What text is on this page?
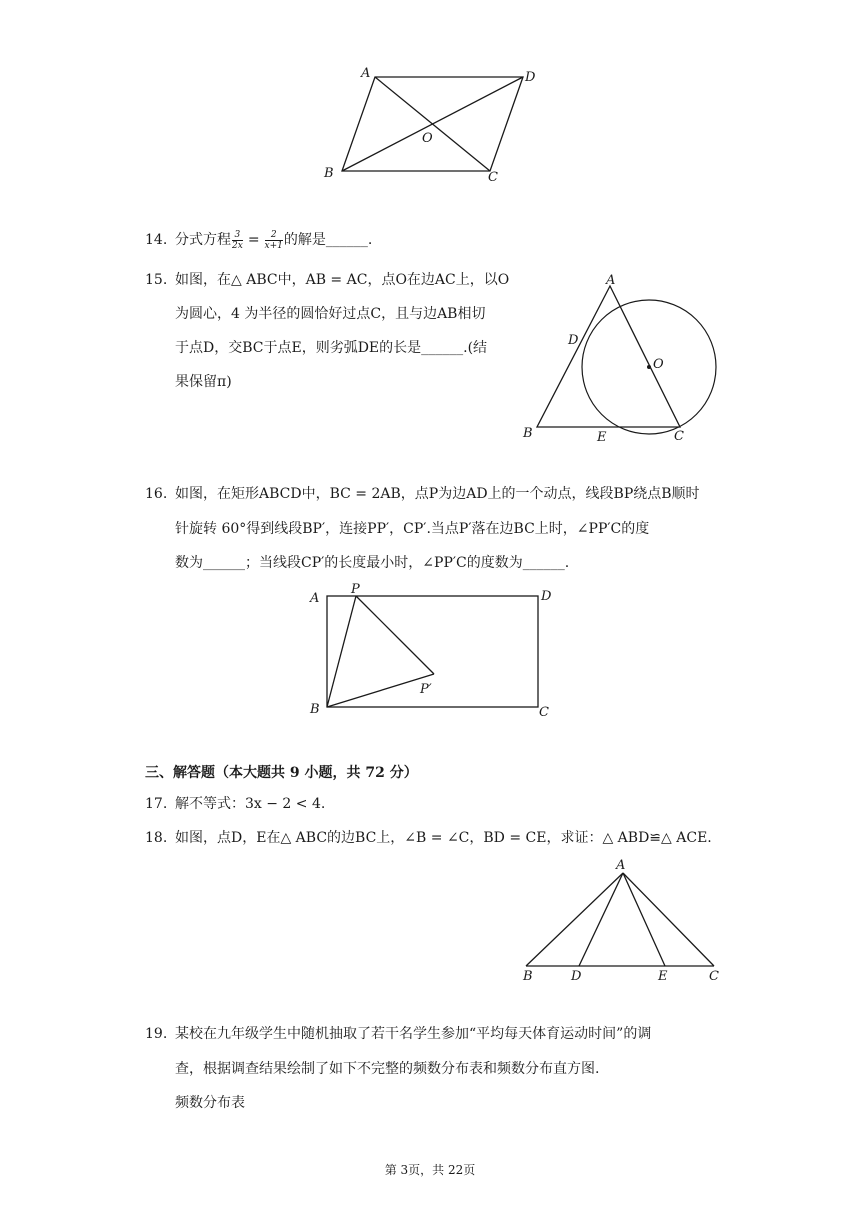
A	D
O
B	C
14. 分式方程 $\frac{3}{2x} = \frac{2}{x+1}$ 的解是______.
15. 如图，在△ ABC中，AB = AC，点O在边AC上，以O
为圆心，4 为半径的圆恰好过点C，且与边AB相切
于点D，交BC于点E，则劣弧DE的长是______.(结
果保留π)
A
D
O
B	E	C
16. 如图，在矩形ABCD中，BC = 2AB，点P为边AD上的一个动点，线段BP绕点B顺时
针旋转 60°得到线段BP′，连接PP′，CP′.当点P′落在边BC上时，∠PP′C的度
数为______；当线段CP′的长度最小时，∠PP′C的度数为______.
A
P	D
P′
B	C
三、解答题（本大题共 9 小题，共 72 分）
17. 解不等式：3x − 2 < 4.
18. 如图，点D，E在△ ABC的边BC上，∠B = ∠C，BD = CE，求证：△ ABD≌△ ACE.
A
B	D	E	C
19. 某校在九年级学生中随机抽取了若干名学生参加“平均每天体育运动时间”的调
查，根据调查结果绘制了如下不完整的频数分布表和频数分布直方图.
频数分布表
第 3页，共 22页
